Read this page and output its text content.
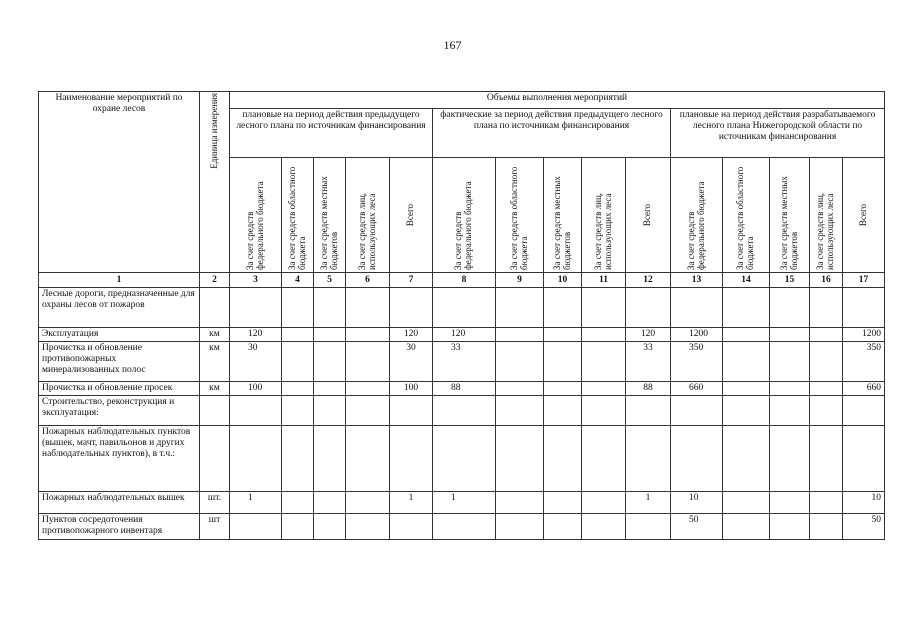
167
Наименование мероприятий по охране лесов	Единица измерения	Объемы выполнения мероприятий														
		плановые на период действия предыдущего лесного плана по источникам финансирования					фактические за период действия предыдущего лесного плана по источникам финансирования					плановые на период действия разрабатываемого лесного плана Нижегородской области по источникам финансирования				

		За счет средств федерального бюджета	За счет средств областного бюджета	За счет средств местных бюджетов	За счет средств лиц, использующих леса	Всего	За счет средств федерального бюджета	За счет средств областного бюджета	За счет средств местных бюджетов	За счет средств лиц, использующих леса	Всего	За счет средств федерального бюджета	За счет средств областного бюджета	За счет средств местных бюджетов	За счет средств лиц, использующих леса	Всего

1	2	3	4	5	6	7	8	9	10	11	12	13	14	15	16	17
Лесные дороги, предназначенные для охраны лесов от пожаров																
Эксплуатация	км	120				120	120				120	1200				1200
Прочистка и обновление противопожарных минерализованных полос	км	30				30	33				33	350				350
Прочистка и обновление просек	км	100				100	88				88	660				660
Строительство, реконструкция и эксплуатация:																
Пожарных наблюдательных пунктов (вышек, мачт, павильонов и других наблюдательных пунктов), в т.ч.:																
Пожарных наблюдательных вышек	шт.	1				1	1				1	10				10
Пунктов сосредоточения противопожарного инвентаря	шт											50				50
